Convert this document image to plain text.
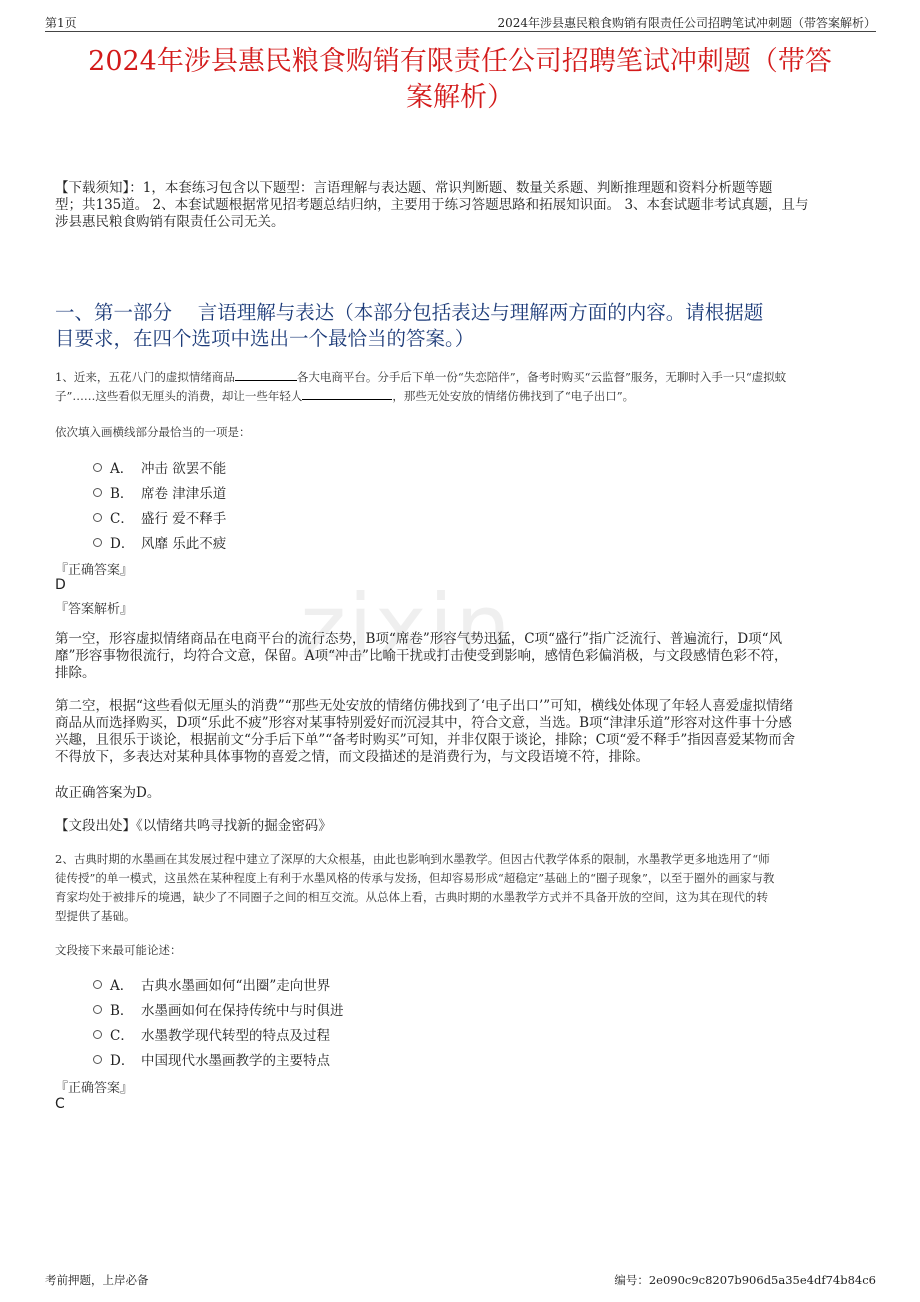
第1页	2024年涉县惠民粮食购销有限责任公司招聘笔试冲刺题（带答案解析）
2024年涉县惠民粮食购销有限责任公司招聘笔试冲刺题（带答
案解析）
【下载须知】：1，本套练习包含以下题型：言语理解与表达题、常识判断题、数量关系题、判断推理题和资料分析题等题
型；共135道。 2、本套试题根据常见招考题总结归纳，主要用于练习答题思路和拓展知识面。 3、本套试题非考试真题，且与
涉县惠民粮食购销有限责任公司无关。
一、第一部分　 言语理解与表达（本部分包括表达与理解两方面的内容。请根据题
目要求，在四个选项中选出一个最恰当的答案。）
zixin
1、近来，五花八门的虚拟情绪商品	各大电商平台。分手后下单一份“失恋陪伴”，备考时购买“云监督”服务，无聊时入手一只“虚拟蚊
子”……这些看似无厘头的消费，却让一些年轻人	，那些无处安放的情绪仿佛找到了“电子出口”。
依次填入画横线部分最恰当的一项是：
A． 冲击 欲罢不能
B． 席卷 津津乐道
C． 盛行 爱不释手
D． 风靡 乐此不疲
『正确答案』
D
『答案解析』
第一空，形容虚拟情绪商品在电商平台的流行态势，B项“席卷”形容气势迅猛，C项“盛行”指广泛流行、普遍流行，D项“风
靡”形容事物很流行，均符合文意，保留。A项“冲击”比喻干扰或打击使受到影响，感情色彩偏消极，与文段感情色彩不符，
排除。
第二空，根据“这些看似无厘头的消费”“那些无处安放的情绪仿佛找到了‘电子出口’”可知，横线处体现了年轻人喜爱虚拟情绪
商品从而选择购买，D项“乐此不疲”形容对某事特别爱好而沉浸其中，符合文意，当选。B项“津津乐道”形容对这件事十分感
兴趣，且很乐于谈论，根据前文“分手后下单”“备考时购买”可知，并非仅限于谈论，排除；C项“爱不释手”指因喜爱某物而舍
不得放下，多表达对某种具体事物的喜爱之情，而文段描述的是消费行为，与文段语境不符，排除。
故正确答案为D。
【文段出处】《以情绪共鸣寻找新的掘金密码》
2、古典时期的水墨画在其发展过程中建立了深厚的大众根基，由此也影响到水墨教学。但因古代教学体系的限制，水墨教学更多地选用了“师
徒传授”的单一模式，这虽然在某种程度上有利于水墨风格的传承与发扬，但却容易形成“超稳定”基础上的“圈子现象”，以至于圈外的画家与教
育家均处于被排斥的境遇，缺少了不同圈子之间的相互交流。从总体上看，古典时期的水墨教学方式并不具备开放的空间，这为其在现代的转
型提供了基础。
文段接下来最可能论述：
A． 古典水墨画如何“出圈”走向世界
B． 水墨画如何在保持传统中与时俱进
C． 水墨教学现代转型的特点及过程
D． 中国现代水墨画教学的主要特点
『正确答案』
C
考前押题，上岸必备	编号：2e090c9c8207b906d5a35e4df74b84c6
